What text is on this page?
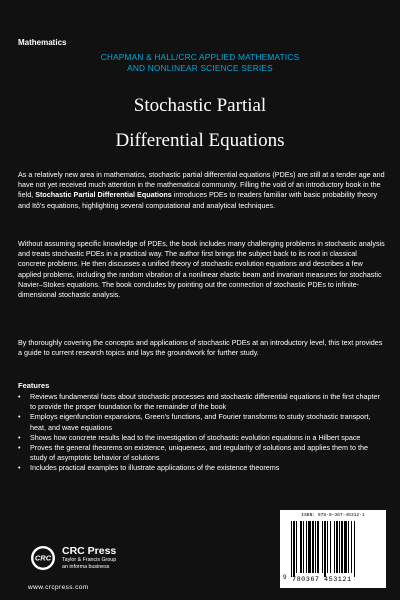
Mathematics
CHAPMAN & HALL/CRC APPLIED MATHEMATICS
AND NONLINEAR SCIENCE SERIES
Stochastic Partial
Differential Equations
As a relatively new area in mathematics, stochastic partial differential equations (PDEs) are still at a tender age and have not yet received much attention in the mathematical community. Filling the void of an introductory book in the field, Stochastic Partial Differential Equations introduces PDEs to readers familiar with basic probability theory and Itô's equations, highlighting several computational and analytical techniques.
Without assuming specific knowledge of PDEs, the book includes many challenging problems in stochastic analysis and treats stochastic PDEs in a practical way. The author first brings the subject back to its root in classical concrete problems. He then discusses a unified theory of stochastic evolution equations and describes a few applied problems, including the random vibration of a nonlinear elastic beam and invariant measures for stochastic Navier–Stokes equations. The book concludes by pointing out the connection of stochastic PDEs to infinite-dimensional stochastic analysis.
By thoroughly covering the concepts and applications of stochastic PDEs at an introductory level, this text provides a guide to current research topics and lays the groundwork for further study.
Features
•	Reviews fundamental facts about stochastic processes and stochastic differential equations in the first chapter to provide the proper foundation for the remainder of the book
•	Employs eigenfunction expansions, Green's functions, and Fourier transforms to study stochastic transport, heat, and wave equations
•	Shows how concrete results lead to the investigation of stochastic evolution equations in a Hilbert space
•	Proves the general theorems on existence, uniqueness, and regularity of solutions and applies them to the study of asymptotic behavior of solutions
•	Includes practical examples to illustrate applications of the existence theorems
CRC
CRC Press
Taylor & Francis Group
an informa business
www.crcpress.com
ISBN: 978-0-367-45312-1
9 780367 453121
